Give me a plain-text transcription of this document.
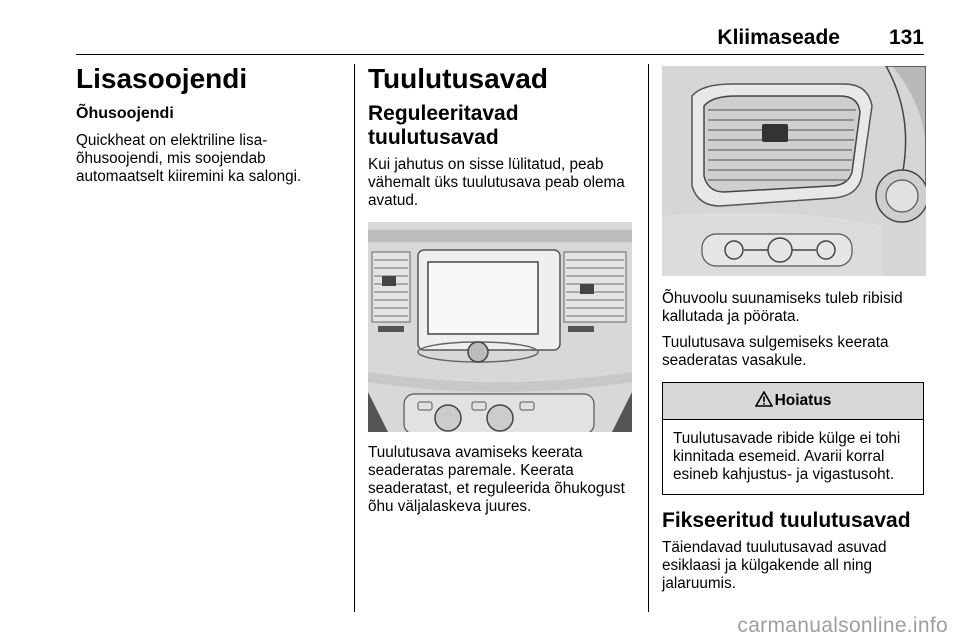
Kliimaseade 131
Lisasoojendi
Õhusoojendi

Quickheat on elektriline lisa-õhusoojendi, mis soojendab automaatselt kiiremini ka salongi.

Tuulutusavad
Reguleeritavad tuulutusavad

Kui jahutus on sisse lülitatud, peab vähemalt üks tuulutusava peab olema avatud.

Tuulutusava avamiseks keerata seaderatas paremale. Keerata seaderatast, et reguleerida õhukogust õhu väljalaskeva juures.

Õhuvoolu suunamiseks tuleb ribisid kallutada ja pöörata.

Tuulutusava sulgemiseks keerata seaderatas vasakule.

Hoiatus

Tuulutusavade ribide külge ei tohi kinnitada esemeid. Avarii korral esineb kahjustus- ja vigastusoht.

Fikseeritud tuulutusavad

Täiendavad tuulutusavad asuvad esiklaasi ja külgakende all ning jalaruumis.

carmanualsonline.info
